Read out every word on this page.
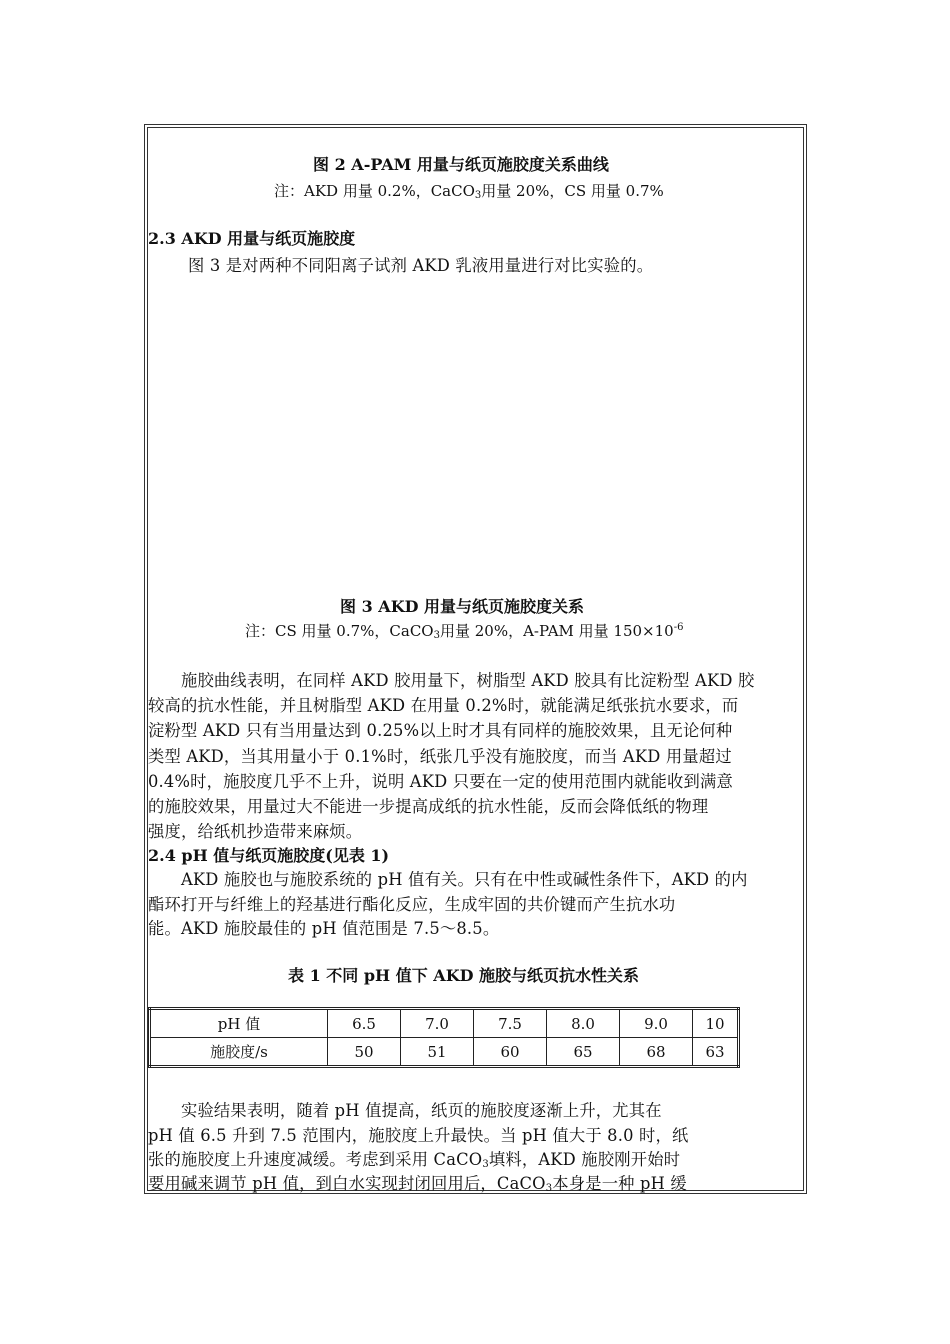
图 2 A-PAM 用量与纸页施胶度关系曲线
注：AKD 用量 0.2%，CaCO$_3$用量 20%，CS 用量 0.7%
2.3 AKD 用量与纸页施胶度
图 3 是对两种不同阳离子试剂 AKD 乳液用量进行对比实验的。
图 3 AKD 用量与纸页施胶度关系
注：CS 用量 0.7%，CaCO$_3$用量 20%，A-PAM 用量 $150\times 10^{-6}$
　　施胶曲线表明，在同样 AKD 胶用量下，树脂型 AKD 胶具有比淀粉型 AKD 胶
较高的抗水性能，并且树脂型 AKD 在用量 0.2%时，就能满足纸张抗水要求，而
淀粉型 AKD 只有当用量达到 0.25%以上时才具有同样的施胶效果，且无论何种
类型 AKD，当其用量小于 0.1%时，纸张几乎没有施胶度，而当 AKD 用量超过
0.4%时，施胶度几乎不上升，说明 AKD 只要在一定的使用范围内就能收到满意
的施胶效果，用量过大不能进一步提高成纸的抗水性能，反而会降低纸的物理
强度，给纸机抄造带来麻烦。
2.4 pH 值与纸页施胶度(见表 1)
　　AKD 施胶也与施胶系统的 pH 值有关。只有在中性或碱性条件下，AKD 的内
酯环打开与纤维上的羟基进行酯化反应，生成牢固的共价键而产生抗水功
能。AKD 施胶最佳的 pH 值范围是 7.5～8.5。
表 1 不同 pH 值下 AKD 施胶与纸页抗水性关系
pH 值	6.5	7.0	7.5	8.0	9.0	10
施胶度/s	50	51	60	65	68	63
　　实验结果表明，随着 pH 值提高，纸页的施胶度逐渐上升，尤其在
pH 值 6.5 升到 7.5 范围内，施胶度上升最快。当 pH 值大于 8.0 时，纸
张的施胶度上升速度减缓。考虑到采用 CaCO$_3$填料，AKD 施胶刚开始时
要用碱来调节 pH 值，到白水实现封闭回用后，CaCO$_3$本身是一种 pH 缓
